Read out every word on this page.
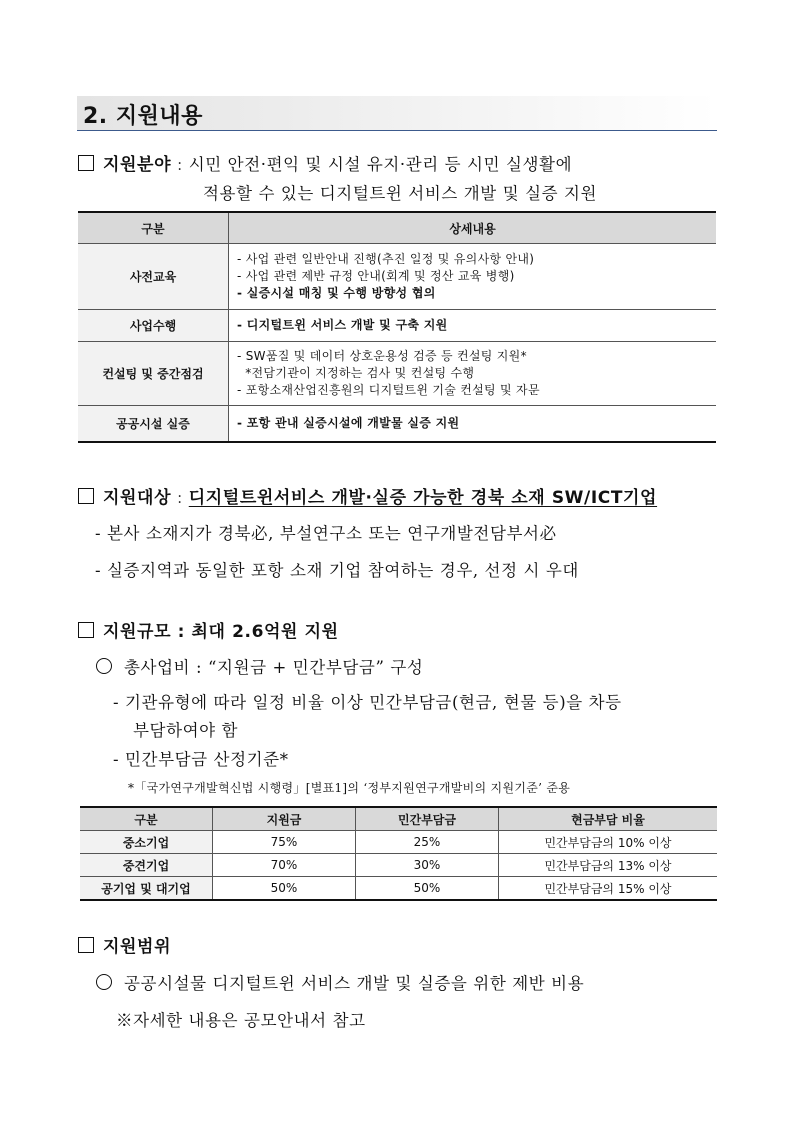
2. 지원내용
지원분야 : 시민 안전·편익 및 시설 유지·관리 등 시민 실생활에
적용할 수 있는 디지털트윈 서비스 개발 및 실증 지원
구분	상세내용
사전교육	- 사업 관련 일반안내 진행(추진 일정 및 유의사항 안내)
- 사업 관련 제반 규정 안내(회계 및 정산 교육 병행)
- 실증시설 매칭 및 수행 방향성 협의

사업수행	- 디지털트윈 서비스 개발 및 구축 지원

컨설팅 및 중간점검	- SW품질 및 데이터 상호운용성 검증 등 컨설팅 지원*
*전담기관이 지정하는 검사 및 컨설팅 수행
- 포항소재산업진흥원의 디지털트윈 기술 컨설팅 및 자문

공공시설 실증	- 포항 관내 실증시설에 개발물 실증 지원
지원대상 : 디지털트윈서비스 개발·실증 가능한 경북 소재 SW/ICT기업
- 본사 소재지가 경북必, 부설연구소 또는 연구개발전담부서必
- 실증지역과 동일한 포항 소재 기업 참여하는 경우, 선정 시 우대
지원규모 : 최대 2.6억원 지원
총사업비 : “지원금 + 민간부담금” 구성
- 기관유형에 따라 일정 비율 이상 민간부담금(현금, 현물 등)을 차등
부담하여야 함
- 민간부담금 산정기준*
*「국가연구개발혁신법 시행령」[별표1]의 ‘정부지원연구개발비의 지원기준’ 준용
구분	지원금	민간부담금	현금부담 비율
중소기업	75%	25%	민간부담금의 10% 이상
중견기업	70%	30%	민간부담금의 13% 이상
공기업 및 대기업	50%	50%	민간부담금의 15% 이상
지원범위
공공시설물 디지털트윈 서비스 개발 및 실증을 위한 제반 비용
※자세한 내용은 공모안내서 참고
